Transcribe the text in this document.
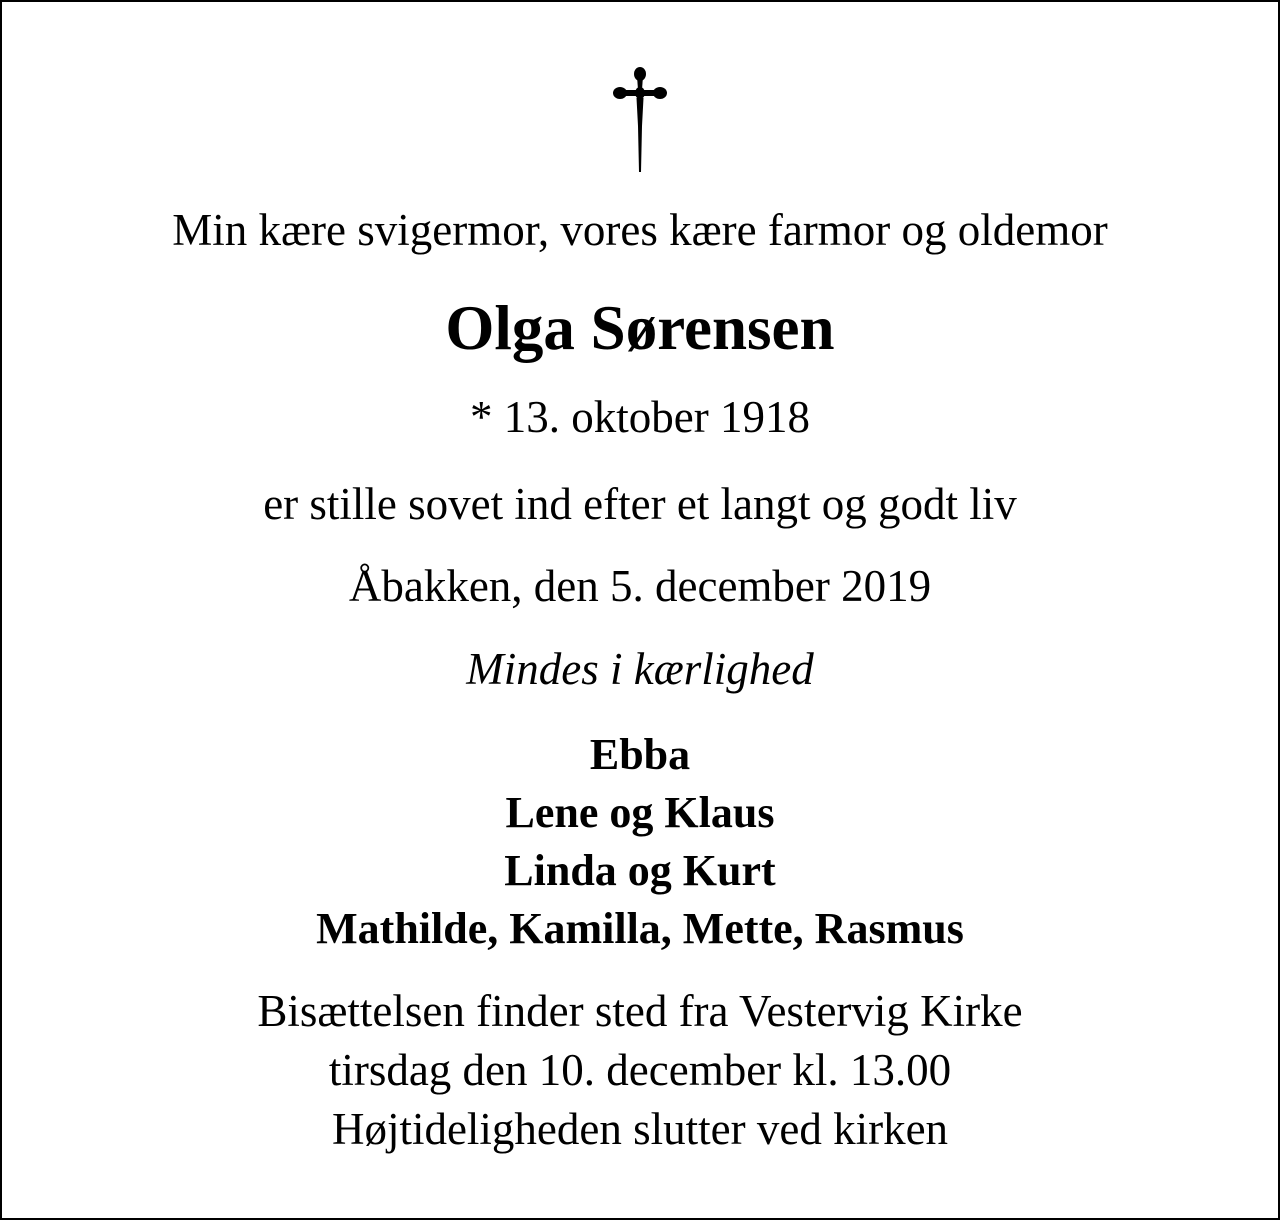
Min kære svigermor, vores kære farmor og oldemor
Olga Sørensen
* 13. oktober 1918
er stille sovet ind efter et langt og godt liv
Åbakken, den 5. december 2019
Mindes i kærlighed
Ebba
Lene og Klaus
Linda og Kurt
Mathilde, Kamilla, Mette, Rasmus
Bisættelsen finder sted fra Vestervig Kirke
tirsdag den 10. december kl. 13.00
Højtideligheden slutter ved kirken
